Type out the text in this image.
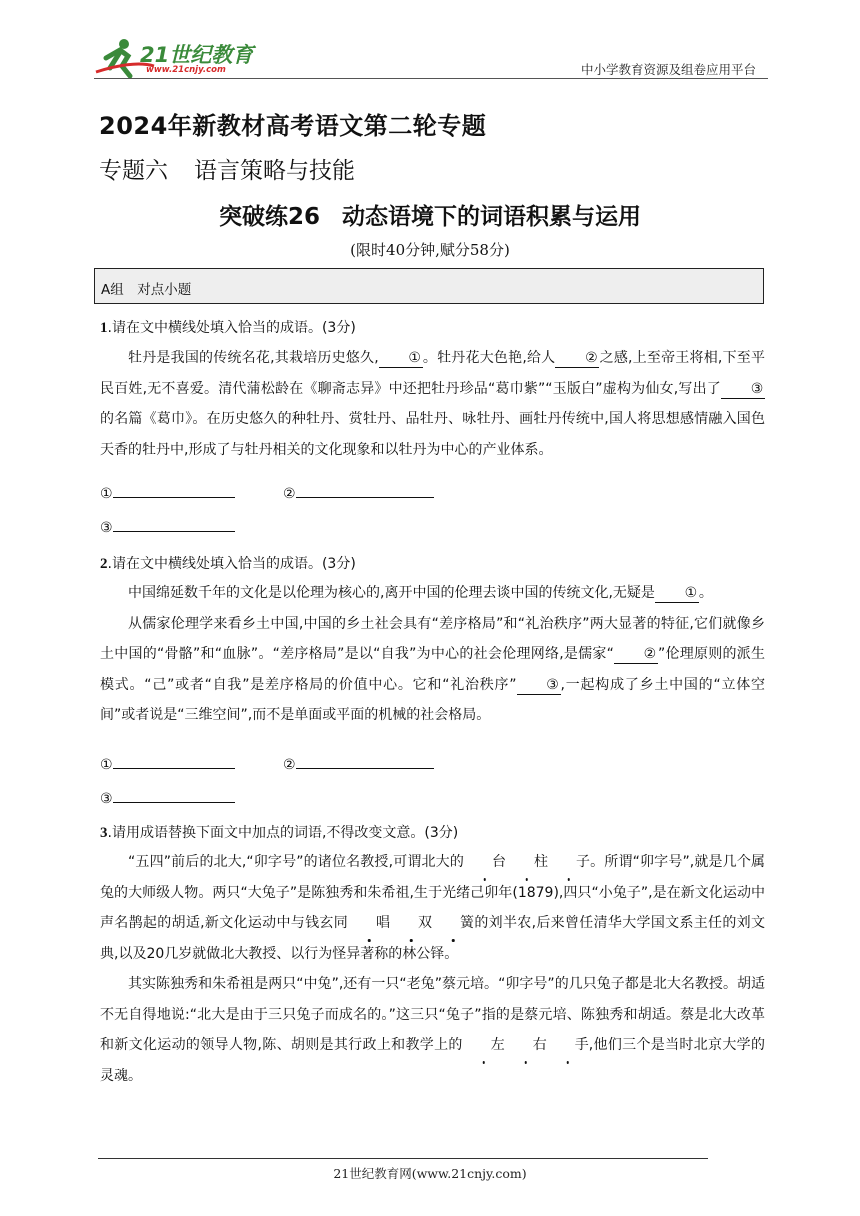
21世纪教育
www.21cnjy.com	中小学教育资源及组卷应用平台
2024年新教材高考语文第二轮专题
专题六 语言策略与技能
突破练26 动态语境下的词语积累与运用
(限时40分钟,赋分58分)
A组　对点小题
1.请在文中横线处填入恰当的成语。(3分)

牡丹是我国的传统名花,其栽培历史悠久, ① 。牡丹花大色艳,给人 ② 之感,上至帝王将相,下至平民百姓,无不喜爱。清代蒲松龄在《聊斋志异》中还把牡丹珍品“葛巾紫”“玉版白”虚构为仙女,写出了 ③的名篇《葛巾》。在历史悠久的种牡丹、赏牡丹、品牡丹、咏牡丹、画牡丹传统中,国人将思想感情融入国色天香的牡丹中,形成了与牡丹相关的文化现象和以牡丹为中心的产业体系。

①	②
③
2.请在文中横线处填入恰当的成语。(3分)

中国绵延数千年的文化是以伦理为核心的,离开中国的伦理去谈中国的传统文化,无疑是 ① 。

从儒家伦理学来看乡土中国,中国的乡土社会具有“差序格局”和“礼治秩序”两大显著的特征,它们就像乡土中国的“骨骼”和“血脉”。“差序格局”是以“自我”为中心的社会伦理网络,是儒家“ ② ”伦理原则的派生模式。“己”或者“自我”是差序格局的价值中心。它和“礼治秩序” ③ ,一起构成了乡土中国的“立体空间”或者说是“三维空间”,而不是单面或平面的机械的社会格局。

①	②
③
3.请用成语替换下面文中加点的词语,不得改变文意。(3分)

“五四”前后的北大,“卯字号”的诸位名教授,可谓北大的 台 柱 子。所谓“卯字号”,就是几个属兔的大师级人物。两只“大兔子”是陈独秀和朱希祖,生于光绪己卯年(1879),四只“小兔子”,是在新文化运动中声名鹊起的胡适,新文化运动中与钱玄同 唱 双 簧的刘半农,后来曾任清华大学国文系主任的刘文典,以及20几岁就做北大教授、以行为怪异著称的林公铎。

其实陈独秀和朱希祖是两只“中兔”,还有一只“老兔”蔡元培。“卯字号”的几只兔子都是北大名教授。胡适不无自得地说:“北大是由于三只兔子而成名的。”这三只“兔子”指的是蔡元培、陈独秀和胡适。蔡是北大改革和新文化运动的领导人物,陈、胡则是其行政上和教学上的 左 右 手,他们三个是当时北京大学的灵魂。

21世纪教育网(www.21cnjy.com)
